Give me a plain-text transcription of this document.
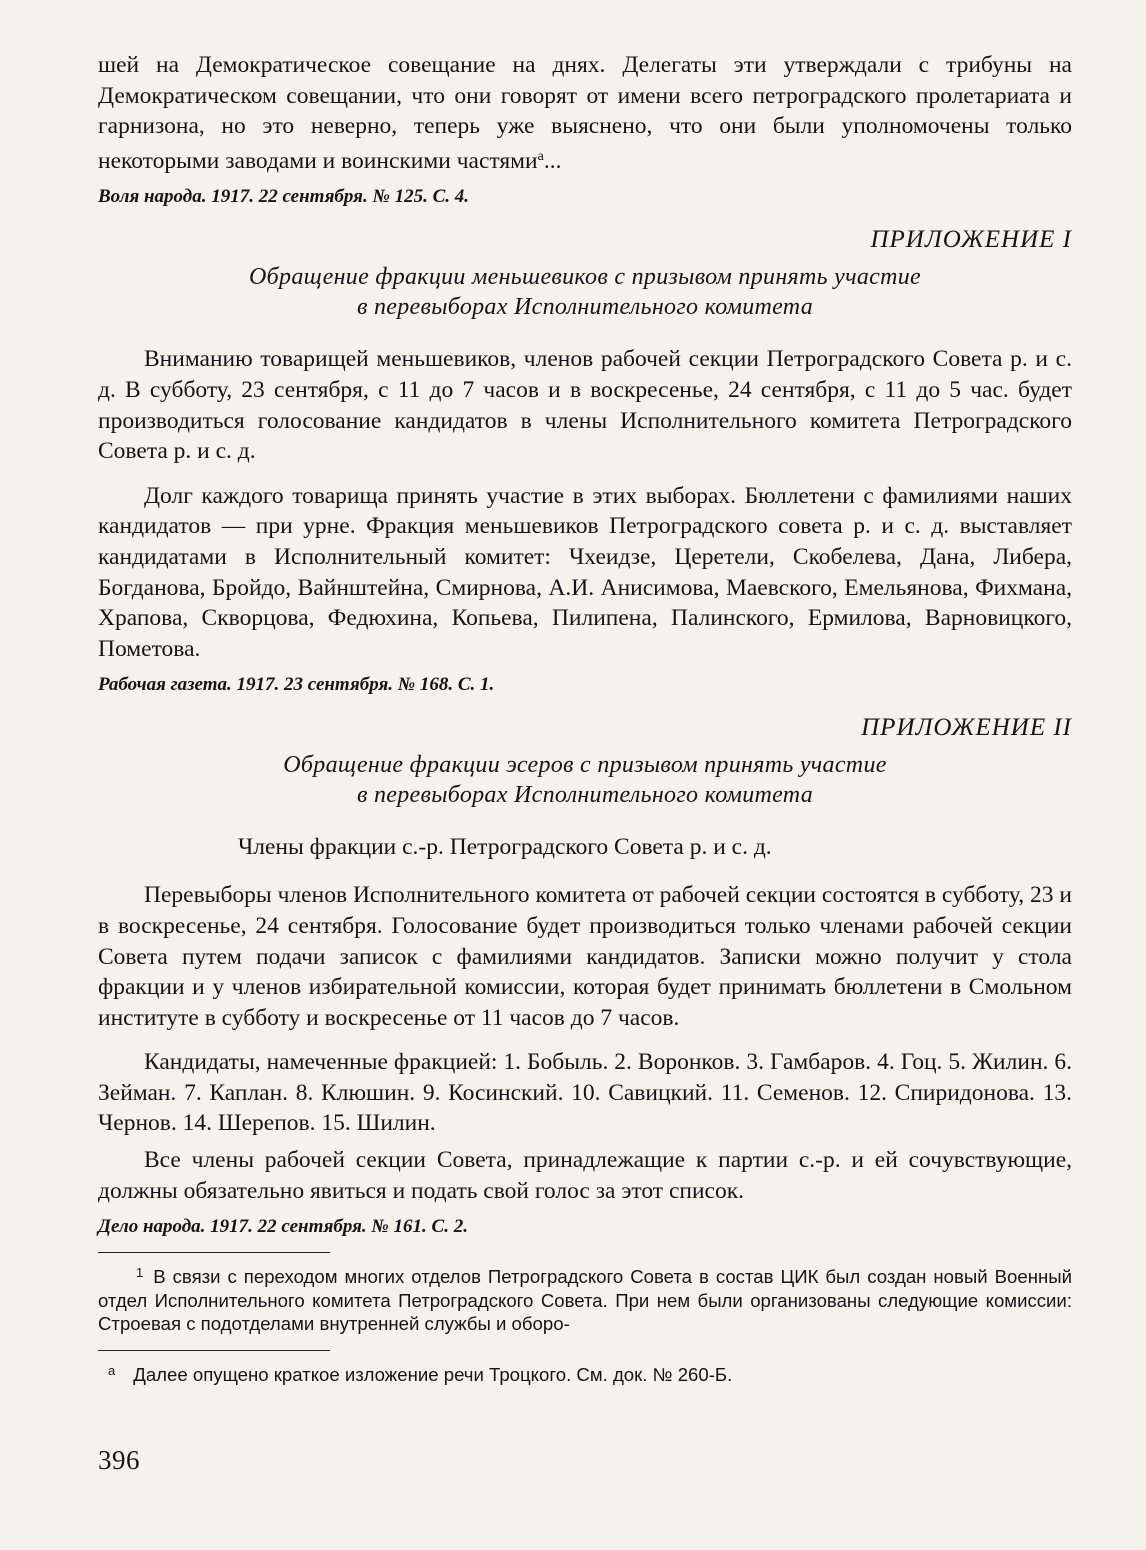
шей на Демократическое совещание на днях. Делегаты эти утверждали с трибуны на Демократическом совещании, что они говорят от имени всего петроградского пролетариата и гарнизона, но это неверно, теперь уже выяснено, что они были уполномочены только некоторыми заводами и воинскими частями$^а$...

Воля народа. 1917. 22 сентября. № 125. С. 4.

ПРИЛОЖЕНИЕ I

Обращение фракции меньшевиков с призывом принять участие
в перевыборах Исполнительного комитета

Вниманию товарищей меньшевиков, членов рабочей секции Петроградского Совета р. и с. д. В субботу, 23 сентября, с 11 до 7 часов и в воскресенье, 24 сентября, с 11 до 5 час. будет производиться голосование кандидатов в члены Исполнительного комитета Петроградского Совета р. и с. д.

Долг каждого товарища принять участие в этих выборах. Бюллетени с фамилиями наших кандидатов — при урне. Фракция меньшевиков Петроградского совета р. и с. д. выставляет кандидатами в Исполнительный комитет: Чхеидзе, Церетели, Скобелева, Дана, Либера, Богданова, Бройдо, Вайнштейна, Смирнова, А.И. Анисимова, Маевского, Емельянова, Фихмана, Храпова, Скворцова, Федюхина, Копьева, Пилипена, Палинского, Ермилова, Варновицкого, Пометова.

Рабочая газета. 1917. 23 сентября. № 168. С. 1.

ПРИЛОЖЕНИЕ II

Обращение фракции эсеров с призывом принять участие
в перевыборах Исполнительного комитета

Члены фракции с.-р. Петроградского Совета р. и с. д.

Перевыборы членов Исполнительного комитета от рабочей секции состоятся в субботу, 23 и в воскресенье, 24 сентября. Голосование будет производиться только членами рабочей секции Совета путем подачи записок с фамилиями кандидатов. Записки можно получит у стола фракции и у членов избирательной комиссии, которая будет принимать бюллетени в Смольном институте в субботу и воскресенье от 11 часов до 7 часов.

Кандидаты, намеченные фракцией: 1. Бобыль. 2. Воронков. 3. Гамбаров. 4. Гоц. 5. Жилин. 6. Зейман. 7. Каплан. 8. Клюшин. 9. Косинский. 10. Савицкий. 11. Семенов. 12. Спиридонова. 13. Чернов. 14. Шерепов. 15. Шилин.

Все члены рабочей секции Совета, принадлежащие к партии с.-р. и ей сочувствующие, должны обязательно явиться и подать свой голос за этот список.

Дело народа. 1917. 22 сентября. № 161. С. 2.

$^1$ В связи с переходом многих отделов Петроградского Совета в состав ЦИК был создан новый Военный отдел Исполнительного комитета Петроградского Совета. При нем были организованы следующие комиссии: Строевая с подотделами внутренней службы и оборо-

$^а$ Далее опущено краткое изложение речи Троцкого. См. док. № 260-Б.

396
